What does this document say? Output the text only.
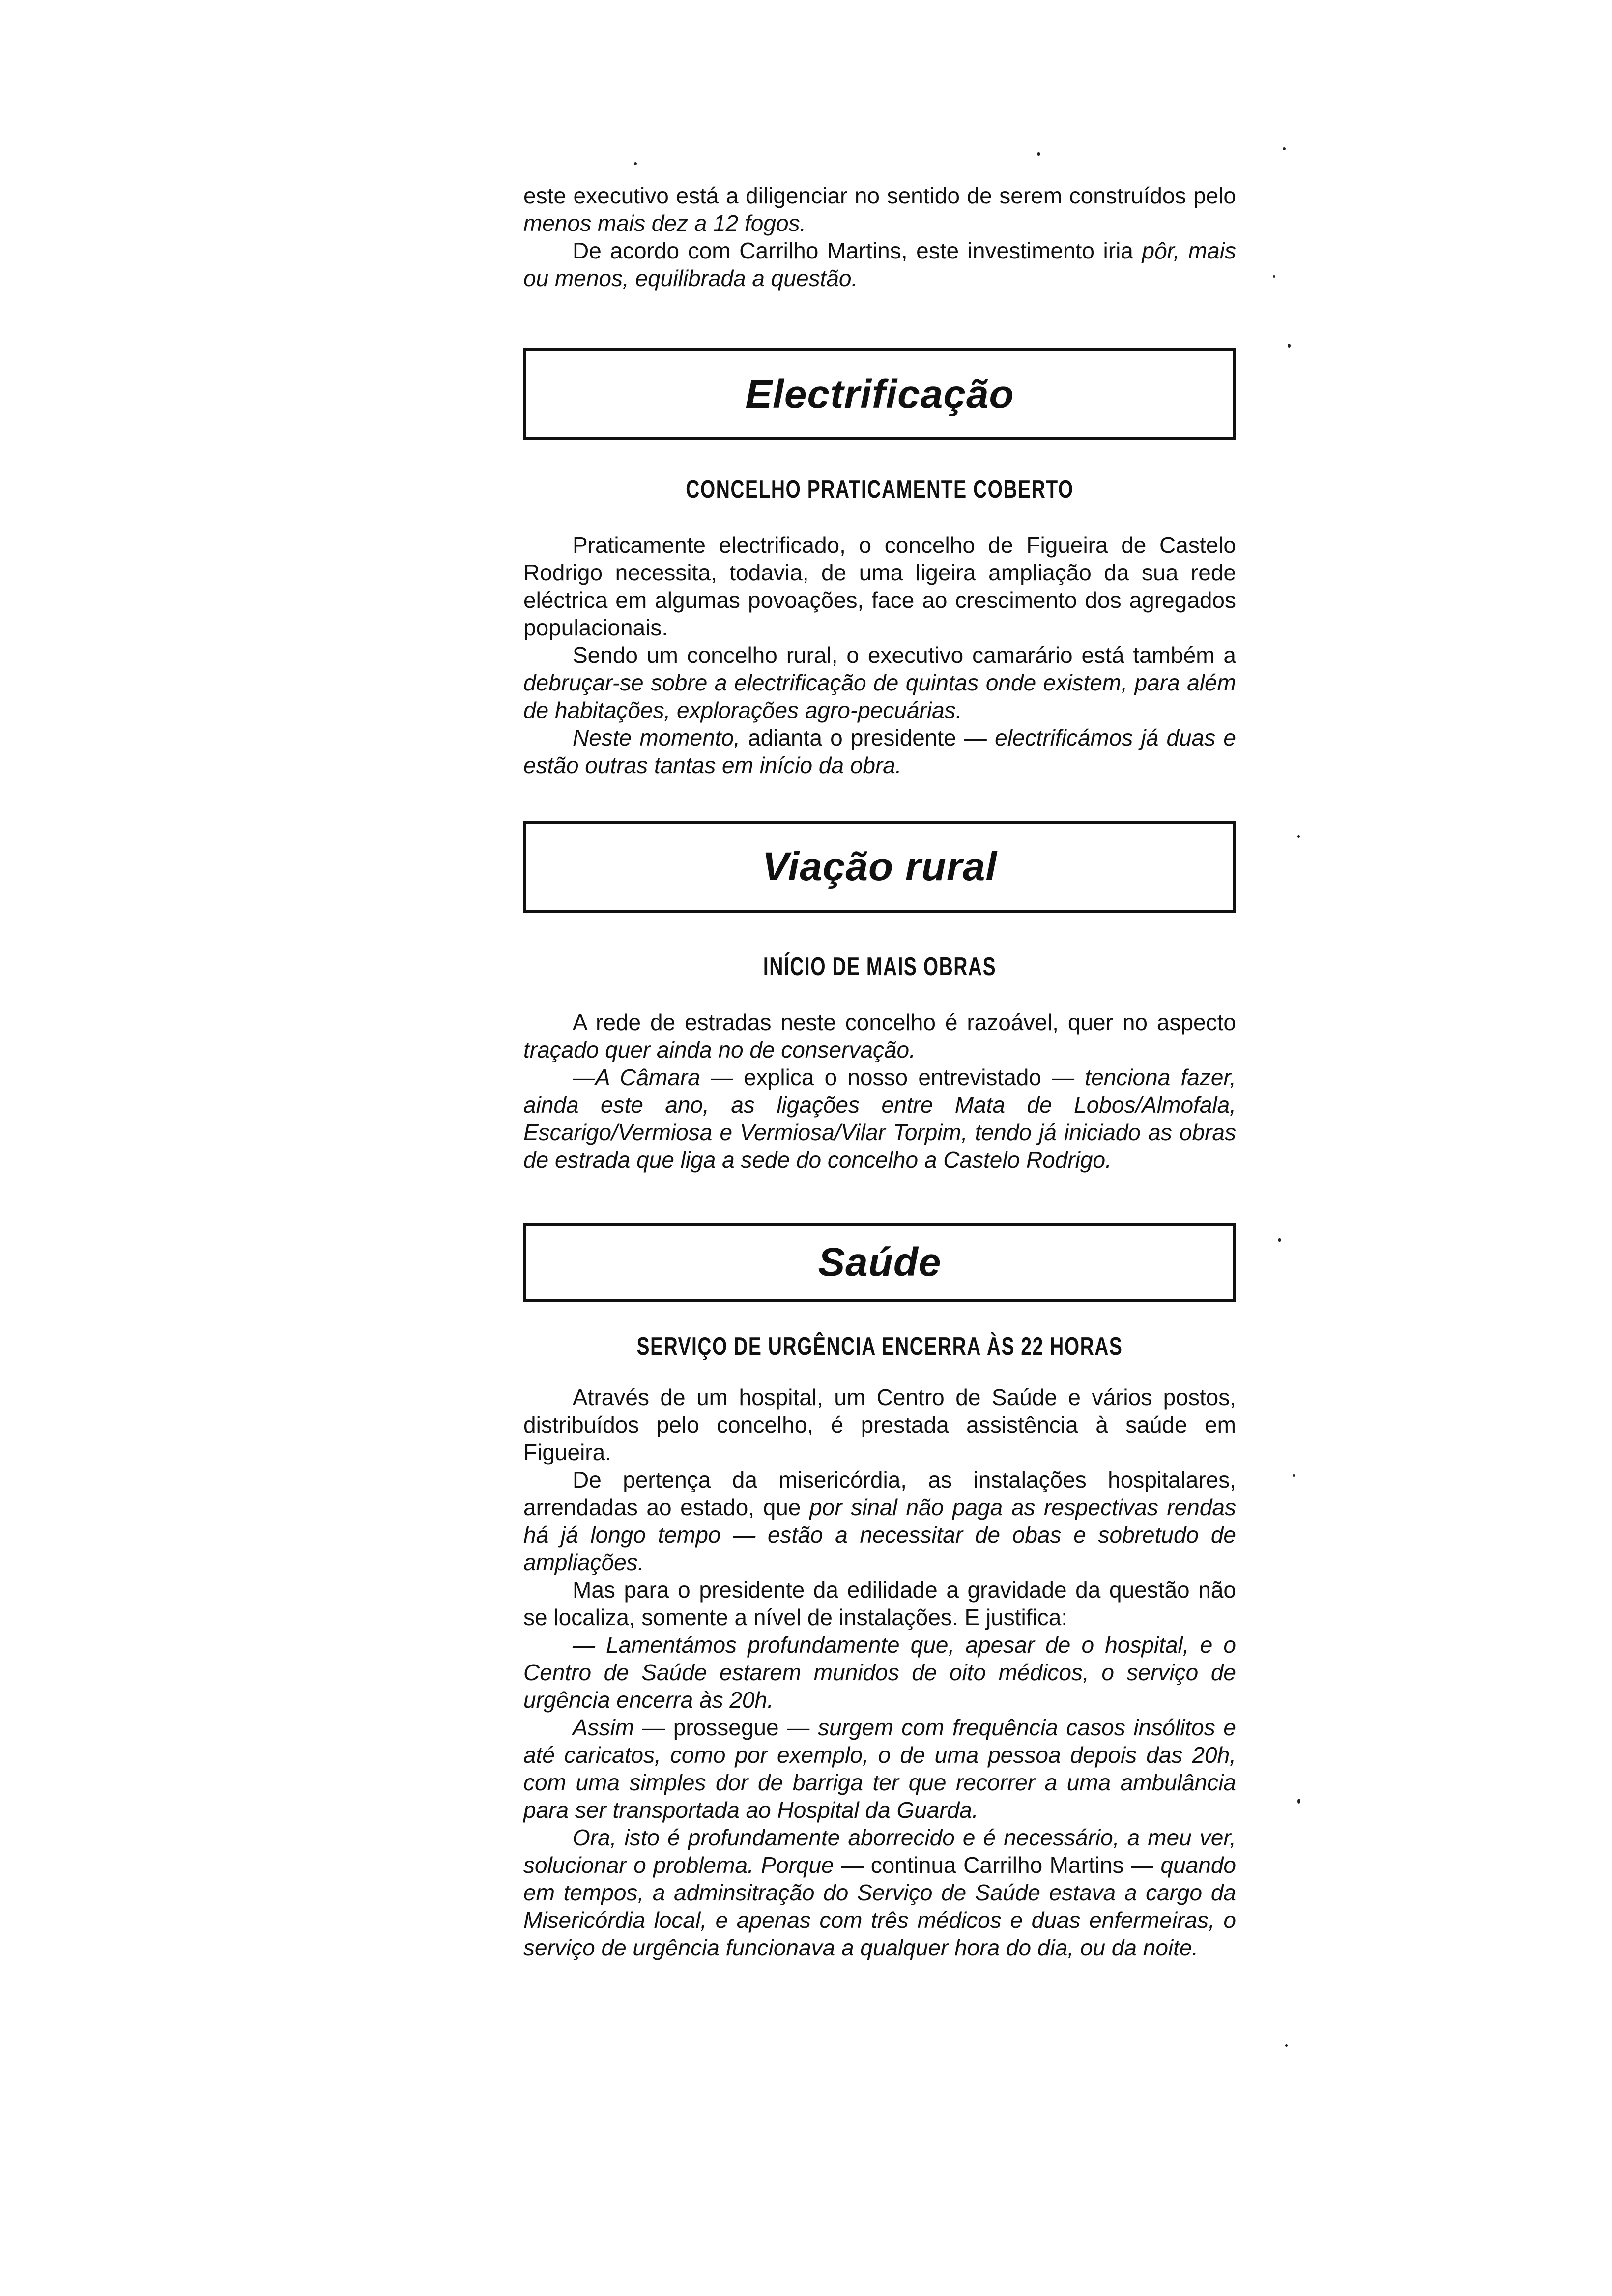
este executivo está a diligenciar no sentido de serem construídos pelo menos mais dez a 12 fogos.

De acordo com Carrilho Martins, este investimento iria pôr, mais ou menos, equilibrada a questão.

Electrificação
CONCELHO PRATICAMENTE COBERTO

Praticamente electrificado, o concelho de Figueira de Castelo Rodrigo necessita, todavia, de uma ligeira ampliação da sua rede eléctrica em algumas povoações, face ao crescimento dos agregados populacionais.

Sendo um concelho rural, o executivo camarário está também a debruçar-se sobre a electrificação de quintas onde existem, para além de habitações, explorações agro-pecuárias.

Neste momento, adianta o presidente — electrificámos já duas e estão outras tantas em início da obra.

Viação rural
INÍCIO DE MAIS OBRAS

A rede de estradas neste concelho é razoável, quer no aspecto traçado quer ainda no de conservação.

—A Câmara — explica o nosso entrevistado — tenciona fazer, ainda este ano, as ligações entre Mata de Lobos/Almofala, Escarigo/Vermiosa e Vermiosa/Vilar Torpim, tendo já iniciado as obras de estrada que liga a sede do concelho a Castelo Rodrigo.

Saúde
SERVIÇO DE URGÊNCIA ENCERRA ÀS 22 HORAS

Através de um hospital, um Centro de Saúde e vários postos, distribuídos pelo concelho, é prestada assistência à saúde em Figueira.

De pertença da misericórdia, as instalações hospitalares, arrendadas ao estado, que por sinal não paga as respectivas rendas há já longo tempo — estão a necessitar de obas e sobretudo de ampliações.

Mas para o presidente da edilidade a gravidade da questão não se localiza, somente a nível de instalações. E justifica:

— Lamentámos profundamente que, apesar de o hospital, e o Centro de Saúde estarem munidos de oito médicos, o serviço de urgência encerra às 20h.

Assim — prossegue — surgem com frequência casos insólitos e até caricatos, como por exemplo, o de uma pessoa depois das 20h, com uma simples dor de barriga ter que recorrer a uma ambulância para ser transportada ao Hospital da Guarda.

Ora, isto é profundamente aborrecido e é necessário, a meu ver, solucionar o problema. Porque — continua Carrilho Martins — quando em tempos, a adminsitração do Serviço de Saúde estava a cargo da Misericórdia local, e apenas com três médicos e duas enfermeiras, o serviço de urgência funcionava a qualquer hora do dia, ou da noite.
